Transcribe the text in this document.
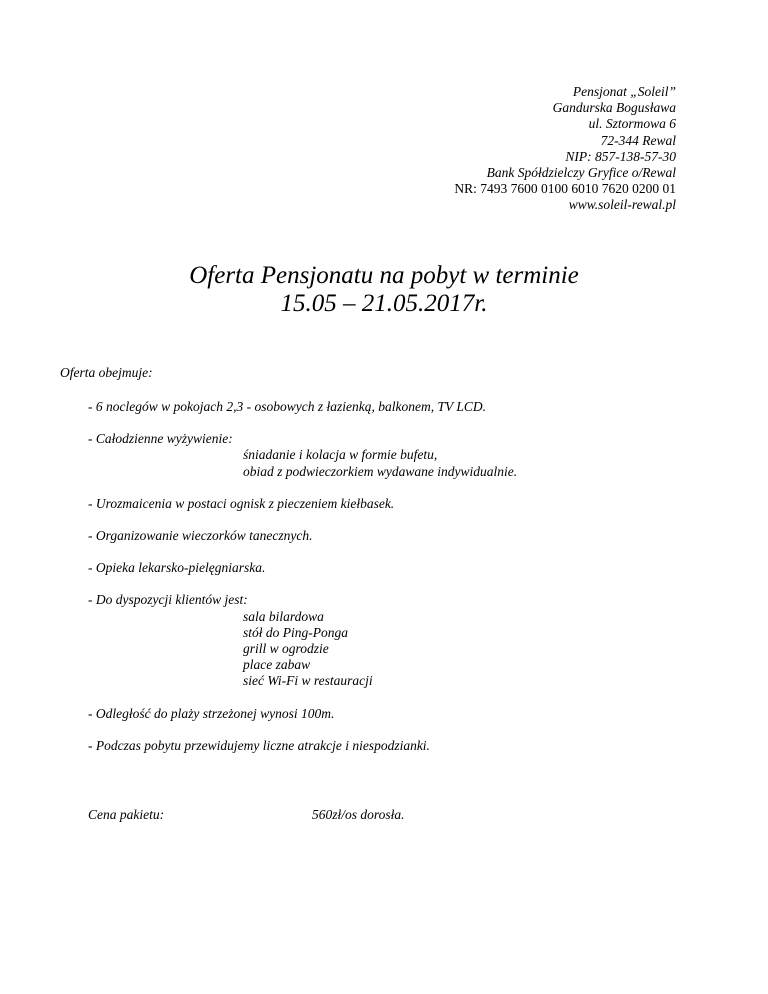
Pensjonat „Soleil”
Gandurska Bogusława
ul. Sztormowa 6
72-344 Rewal
NIP: 857-138-57-30
Bank Spółdzielczy Gryfice o/Rewal
NR: 7493 7600 0100 6010 7620 0200 01
www.soleil-rewal.pl
Oferta Pensjonatu na pobyt w terminie
15.05 – 21.05.2017r.
Oferta obejmuje:
- 6 noclegów w pokojach 2,3 - osobowych z łazienką, balkonem, TV LCD.
- Całodzienne wyżywienie:
śniadanie i kolacja w formie bufetu,
obiad z podwieczorkiem wydawane indywidualnie.
- Urozmaicenia w postaci ognisk z pieczeniem kiełbasek.
- Organizowanie wieczorków tanecznych.
- Opieka lekarsko-pielęgniarska.
- Do dyspozycji klientów jest:
sala bilardowa
stół do Ping-Ponga
grill w ogrodzie
place zabaw
sieć Wi-Fi w restauracji
- Odległość do plaży strzeżonej wynosi 100m.
- Podczas pobytu przewidujemy liczne atrakcje i niespodzianki.
Cena pakietu:	560zł/os dorosła.
